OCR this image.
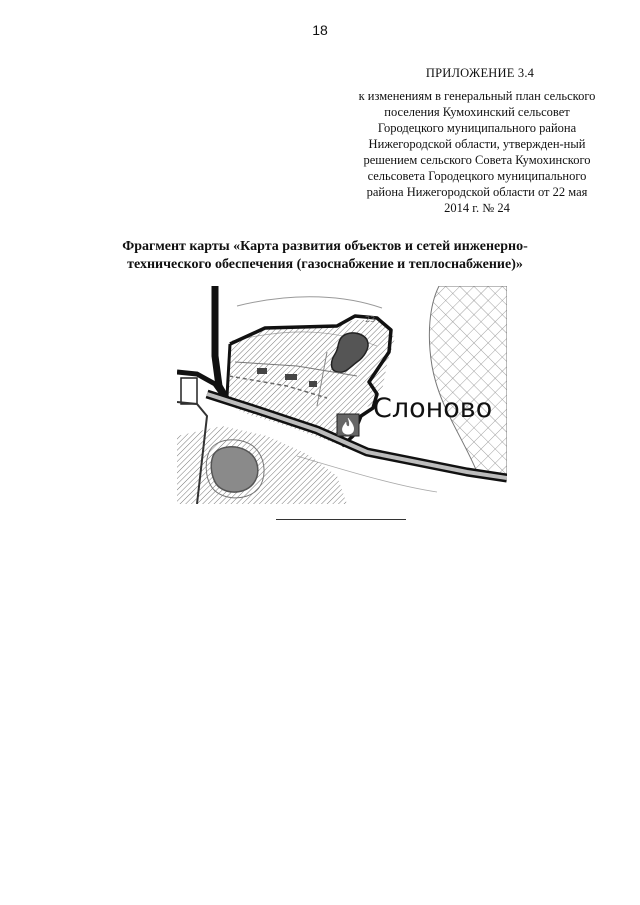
18
ПРИЛОЖЕНИЕ 3.4
к изменениям в генеральный план сельского
поселения Кумохинский сельсовет
Городецкого муниципального района
Нижегородской области, утвержден-ный
решением сельского Совета Кумохинского
сельсовета Городецкого муниципального
района Нижегородской области от 22 мая
2014 г. № 24
Фрагмент карты «Карта развития объектов и сетей инженерно-
технического обеспечения (газоснабжение и теплоснабжение)»
Слоново
23
